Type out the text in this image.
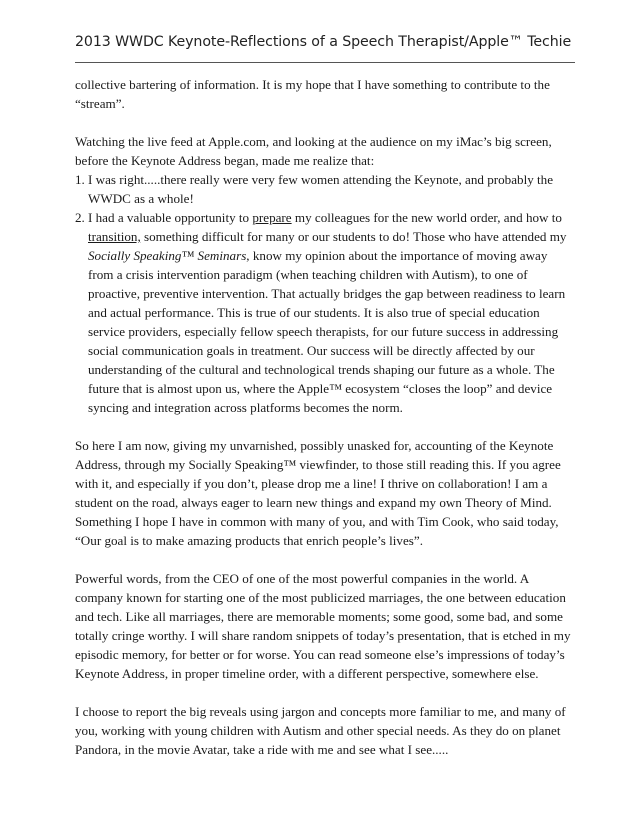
2013 WWDC Keynote-Reflections of a Speech Therapist/Apple™ Techie

collective bartering of information. It is my hope that I have something to contribute to the “stream”.

Watching the live feed at Apple.com, and looking at the audience on my iMac’s big screen, before the Keynote Address began, made me realize that:

1. I was right.....there really were very few women attending the Keynote, and probably the WWDC as a whole!
2. I had a valuable opportunity to prepare my colleagues for the new world order, and how to transition, something difficult for many or our students to do! Those who have attended my Socially Speaking™ Seminars, know my opinion about the importance of moving away from a crisis intervention paradigm (when teaching children with Autism), to one of proactive, preventive intervention. That actually bridges the gap between readiness to learn and actual performance. This is true of our students. It is also true of special education service providers, especially fellow speech therapists, for our future success in addressing social communication goals in treatment. Our success will be directly affected by our understanding of the cultural and technological trends shaping our future as a whole. The future that is almost upon us, where the Apple™ ecosystem “closes the loop” and device syncing and integration across platforms becomes the norm.

So here I am now, giving my unvarnished, possibly unasked for, accounting of the Keynote Address, through my Socially Speaking™ viewfinder, to those still reading this. If you agree with it, and especially if you don’t, please drop me a line! I thrive on collaboration! I am a student on the road, always eager to learn new things and expand my own Theory of Mind. Something I hope I have in common with many of you, and with Tim Cook, who said today, “Our goal is to make amazing products that enrich people’s lives”.

Powerful words, from the CEO of one of the most powerful companies in the world. A company known for starting one of the most publicized marriages, the one between education and tech. Like all marriages, there are memorable moments; some good, some bad, and some totally cringe worthy. I will share random snippets of today’s presentation, that is etched in my episodic memory, for better or for worse. You can read someone else’s impressions of today’s Keynote Address, in proper timeline order, with a different perspective, somewhere else.

I choose to report the big reveals using jargon and concepts more familiar to me, and many of you, working with young children with Autism and other special needs. As they do on planet Pandora, in the movie Avatar, take a ride with me and see what I see.....
